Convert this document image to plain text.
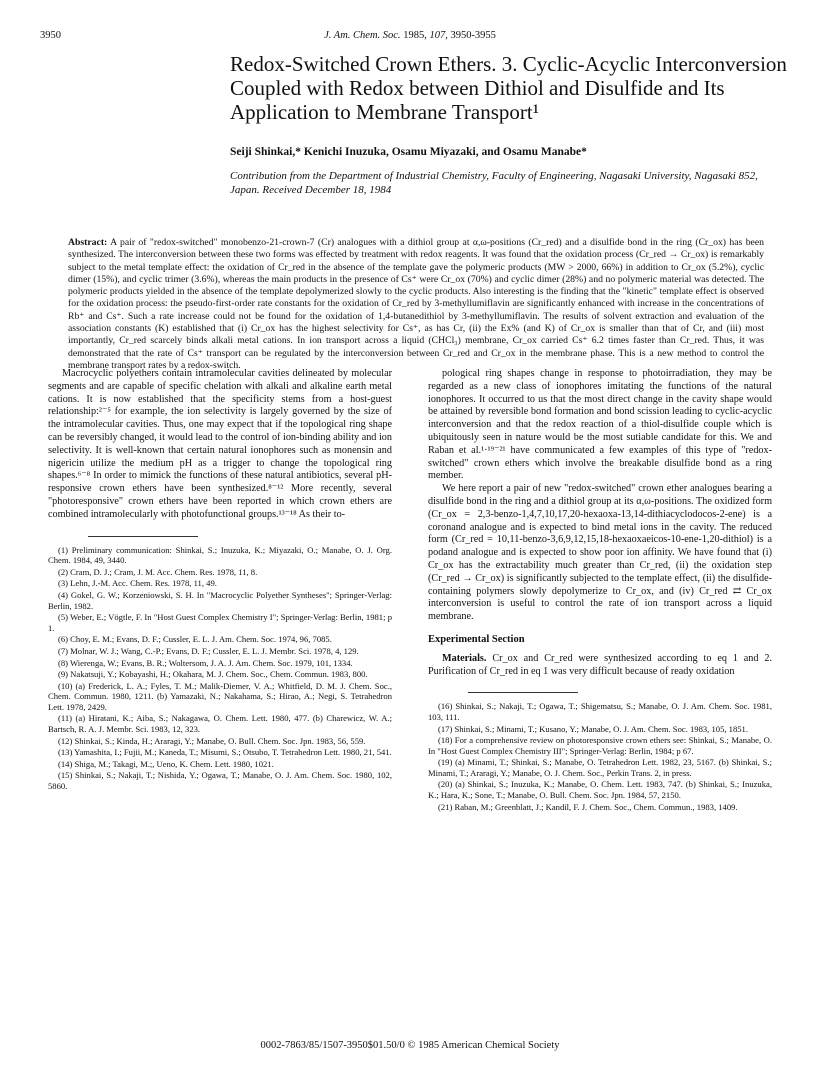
3950	J. Am. Chem. Soc. 1985, 107, 3950-3955
Redox-Switched Crown Ethers. 3. Cyclic-Acyclic Interconversion Coupled with Redox between Dithiol and Disulfide and Its Application to Membrane Transport¹
Seiji Shinkai,* Kenichi Inuzuka, Osamu Miyazaki, and Osamu Manabe*
Contribution from the Department of Industrial Chemistry, Faculty of Engineering, Nagasaki University, Nagasaki 852, Japan. Received December 18, 1984
Abstract: A pair of "redox-switched" monobenzo-21-crown-7 (Cr) analogues with a dithiol group at α,ω-positions (Cr_red) and a disulfide bond in the ring (Cr_ox) has been synthesized. The interconversion between these two forms was effected by treatment with redox reagents. It was found that the oxidation process (Cr_red → Cr_ox) is remarkably subject to the metal template effect: the oxidation of Cr_red in the absence of the template gave the polymeric products (MW > 2000, 66%) in addition to Cr_ox (5.2%), cyclic dimer (15%), and cyclic trimer (3.6%), whereas the main products in the presence of Cs⁺ were Cr_ox (70%) and cyclic dimer (28%) and no polymeric material was detected. The polymeric products yielded in the absence of the template depolymerized slowly to the cyclic products. Also interesting is the finding that the "kinetic" template effect is observed for the oxidation process: the pseudo-first-order rate constants for the oxidation of Cr_red by 3-methyllumiflavin are significantly enhanced with increase in the concentrations of Rb⁺ and Cs⁺. Such a rate increase could not be found for the oxidation of 1,4-butanedithiol by 3-methyllumiflavin. The results of solvent extraction and evaluation of the association constants (K) established that (i) Cr_ox has the highest selectivity for Cs⁺, as has Cr, (ii) the Ex% (and K) of Cr_ox is smaller than that of Cr, and (iii) most importantly, Cr_red scarcely binds alkali metal cations. In ion transport across a liquid (CHCl₃) membrane, Cr_ox carried Cs⁺ 6.2 times faster than Cr_red. Thus, it was demonstrated that the rate of Cs⁺ transport can be regulated by the interconversion between Cr_red and Cr_ox in the membrane phase. This is a new method to control the membrane transport rates by a redox-switch.

Macrocyclic polyethers contain intramolecular cavities delineated by molecular segments and are capable of specific chelation with alkali and alkaline earth metal cations. It is now established that the specificity stems from a host-guest relationship:²⁻⁵ for example, the ion selectivity is largely governed by the size of the intramolecular cavities. Thus, one may expect that if the topological ring shape can be reversibly changed, it would lead to the control of ion-binding ability and ion selectivity. It is well-known that certain natural ionophores such as monensin and nigericin utilize the medium pH as a trigger to change the topological ring shapes.⁶⁻⁸ In order to mimick the functions of these natural antibiotics, several pH-responsive crown ethers have been synthesized.⁸⁻¹² More recently, several "photoresponsive" crown ethers have been reported in which crown ethers are combined intramolecularly with photofunctional groups.¹³⁻¹⁸ As their to-

(1) Preliminary communication: Shinkai, S.; Inuzuka, K.; Miyazaki, O.; Manabe, O. J. Org. Chem. 1984, 49, 3440.

(2) Cram, D. J.; Cram, J. M. Acc. Chem. Res. 1978, 11, 8.

(3) Lehn, J.-M. Acc. Chem. Res. 1978, 11, 49.

(4) Gokel, G. W.; Korzeniowski, S. H. In "Macrocyclic Polyether Syntheses"; Springer-Verlag: Berlin, 1982.

(5) Weber, E.; Vögtle, F. In "Host Guest Complex Chemistry I"; Springer-Verlag: Berlin, 1981; p 1.

(6) Choy, E. M.; Evans, D. F.; Cussler, E. L. J. Am. Chem. Soc. 1974, 96, 7085.

(7) Molnar, W. J.; Wang, C.-P.; Evans, D. F.; Cussler, E. L. J. Membr. Sci. 1978, 4, 129.

(8) Wierenga, W.; Evans, B. R.; Woltersom, J. A. J. Am. Chem. Soc. 1979, 101, 1334.

(9) Nakatsuji, Y.; Kobayashi, H.; Okahara, M. J. Chem. Soc., Chem. Commun. 1983, 800.

(10) (a) Frederick, L. A.; Fyles, T. M.; Malik-Diemer, V. A.; Whitfield, D. M. J. Chem. Soc., Chem. Commun. 1980, 1211. (b) Yamazaki, N.; Nakahama, S.; Hirao, A.; Negi, S. Tetrahedron Lett. 1978, 2429.

(11) (a) Hiratani, K.; Aiba, S.; Nakagawa, O. Chem. Lett. 1980, 477. (b) Charewicz, W. A.; Bartsch, R. A. J. Membr. Sci. 1983, 12, 323.

(12) Shinkai, S.; Kinda, H.; Araragi, Y.; Manabe, O. Bull. Chem. Soc. Jpn. 1983, 56, 559.

(13) Yamashita, I.; Fujii, M.; Kaneda, T.; Misumi, S.; Otsubo, T. Tetrahedron Lett. 1980, 21, 541.

(14) Shiga, M.; Takagi, M.;, Ueno, K. Chem. Lett. 1980, 1021.

(15) Shinkai, S.; Nakaji, T.; Nishida, Y.; Ogawa, T.; Manabe, O. J. Am. Chem. Soc. 1980, 102, 5860.

pological ring shapes change in response to photoirradiation, they may be regarded as a new class of ionophores imitating the functions of the natural ionophores. It occurred to us that the most direct change in the cavity shape would be attained by reversible bond formation and bond scission leading to cyclic-acyclic interconversion and that the redox reaction of a thiol-disulfide couple which is ubiquitously seen in nature would be the most sutiable candidate for this. We and Raban et al.¹·¹⁹⁻²¹ have communicated a few examples of this type of "redox-switched" crown ethers which involve the breakable disulfide bond as a ring member.

We here report a pair of new "redox-switched" crown ether analogues bearing a disulfide bond in the ring and a dithiol group at its α,ω-positions. The oxidized form (Cr_ox = 2,3-benzo-1,4,7,10,17,20-hexaoxa-13,14-dithiacyclodocos-2-ene) is a coronand analogue and is expected to bind metal ions in the cavity. The reduced form (Cr_red = 10,11-benzo-3,6,9,12,15,18-hexaoxaeicos-10-ene-1,20-dithiol) is a podand analogue and is expected to show poor ion affinity. We have found that (i) Cr_ox has the extractability much greater than Cr_red, (ii) the oxidation step (Cr_red → Cr_ox) is significantly subjected to the template effect, (ii) the disulfide-containing polymers slowly depolymerize to Cr_ox, and (iv) Cr_red ⇄ Cr_ox interconversion is useful to control the rate of ion transport across a liquid membrane.

Experimental Section

Materials. Cr_ox and Cr_red were synthesized according to eq 1 and 2. Purification of Cr_red in eq 1 was very difficult because of ready oxidation

(16) Shinkai, S.; Nakaji, T.; Ogawa, T.; Shigematsu, S.; Manabe, O. J. Am. Chem. Soc. 1981, 103, 111.

(17) Shinkai, S.; Minami, T.; Kusano, Y.; Manabe, O. J. Am. Chem. Soc. 1983, 105, 1851.

(18) For a comprehensive review on photoresponsive crown ethers see: Shinkai, S.; Manabe, O. In "Host Guest Complex Chemistry III"; Springer-Verlag: Berlin, 1984; p 67.

(19) (a) Minami, T.; Shinkai, S.; Manabe, O. Tetrahedron Lett. 1982, 23, 5167. (b) Shinkai, S.; Minami, T.; Araragi, Y.; Manabe, O. J. Chem. Soc., Perkin Trans. 2, in press.

(20) (a) Shinkai, S.; Inuzuka, K.; Manabe, O. Chem. Lett. 1983, 747. (b) Shinkai, S.; Inuzuka, K.; Hara, K.; Sone, T.; Manabe, O. Bull. Chem. Soc. Jpn. 1984, 57, 2150.

(21) Raban, M.; Greenblatt, J.; Kandil, F. J. Chem. Soc., Chem. Commun., 1983, 1409.

0002-7863/85/1507-3950$01.50/0 © 1985 American Chemical Society
